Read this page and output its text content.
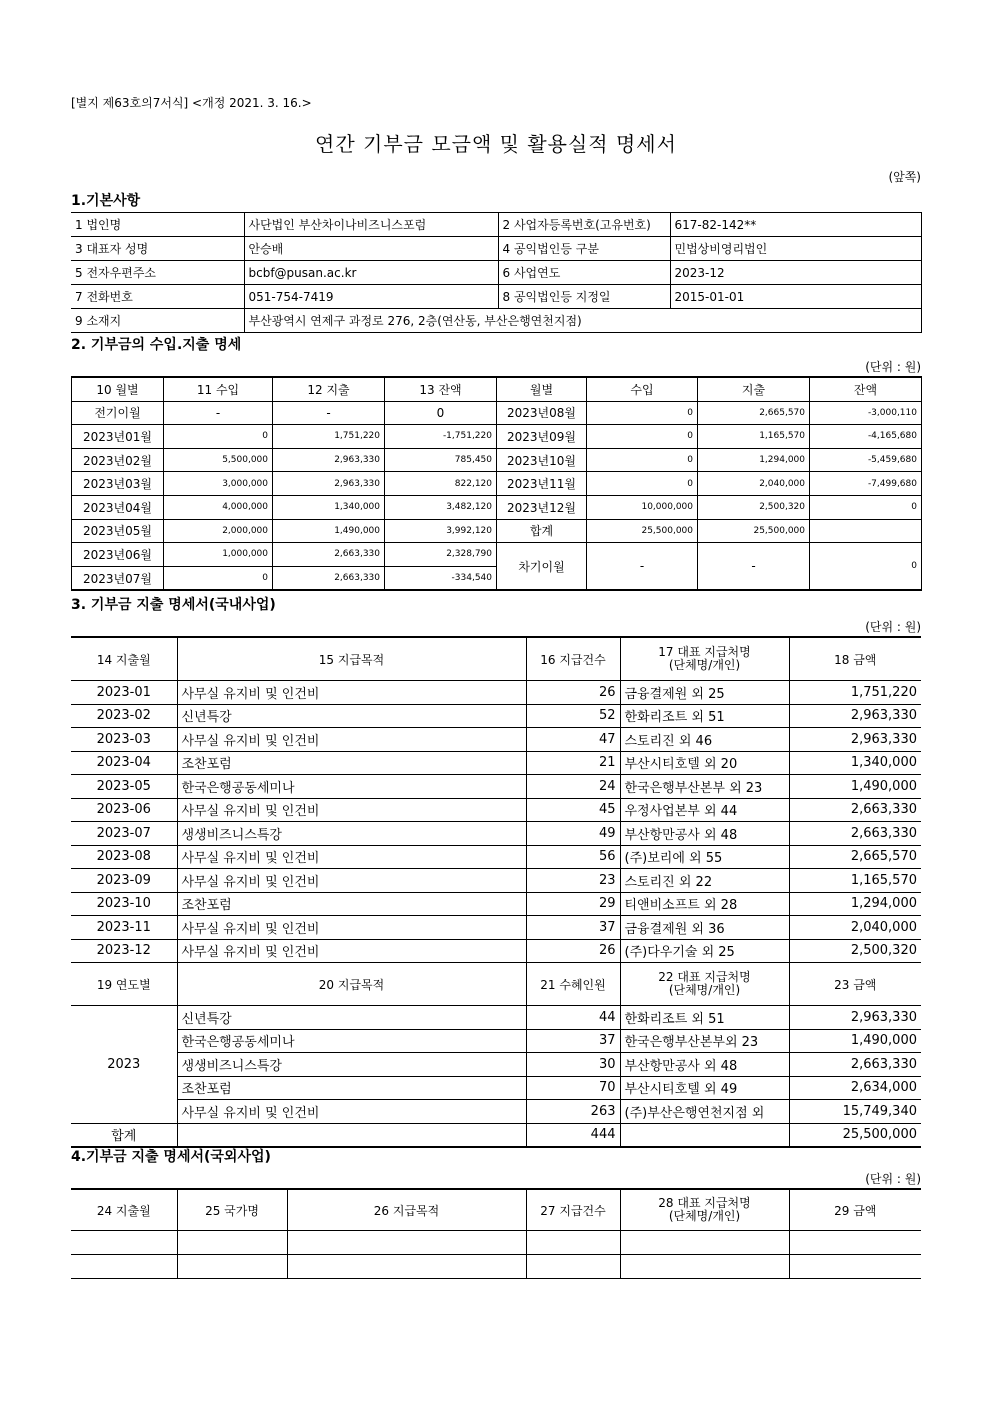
[별지 제63호의7서식] <개정 2021. 3. 16.>
연간 기부금 모금액 및 활용실적 명세서
(앞쪽)
1.기본사항
1 법인명	사단법인 부산차이나비즈니스포럼	2 사업자등록번호(고유번호)	617-82-142**
3 대표자 성명	안승배	4 공익법인등 구분	민법상비영리법인
5 전자우편주소	bcbf@pusan.ac.kr	6 사업연도	2023-12
7 전화번호	051-754-7419	8 공익법인등 지정일	2015-01-01
9 소재지	부산광역시 연제구 과정로 276, 2층(연산동, 부산은행연천지점)		
2. 기부금의 수입.지출 명세
(단위 : 원)
10 월별	11 수입	12 지출	13 잔액	월별	수입	지출	잔액
전기이월	-	-	0	2023년08월	0	2,665,570	-3,000,110
2023년01월	0	1,751,220	-1,751,220	2023년09월	0	1,165,570	-4,165,680
2023년02월	5,500,000	2,963,330	785,450	2023년10월	0	1,294,000	-5,459,680
2023년03월	3,000,000	2,963,330	822,120	2023년11월	0	2,040,000	-7,499,680
2023년04월	4,000,000	1,340,000	3,482,120	2023년12월	10,000,000	2,500,320	0
2023년05월	2,000,000	1,490,000	3,992,120	합계	25,500,000	25,500,000	
2023년06월	1,000,000	2,663,330	2,328,790	차기이월	-	-	0
2023년07월	0	2,663,330	-334,540				
3. 기부금 지출 명세서(국내사업)
(단위 : 원)
14 지출월	15 지급목적	16 지급건수	17 대표 지급처명
(단체명/개인)	18 금액
2023-01	사무실 유지비 및 인건비	26	금융결제원 외 25	1,751,220
2023-02	신년특강	52	한화리조트 외 51	2,963,330
2023-03	사무실 유지비 및 인건비	47	스토리진 외 46	2,963,330
2023-04	조찬포럼	21	부산시티호텔 외 20	1,340,000
2023-05	한국은행공동세미나	24	한국은행부산본부 외 23	1,490,000
2023-06	사무실 유지비 및 인건비	45	우정사업본부 외 44	2,663,330
2023-07	생생비즈니스특강	49	부산항만공사 외 48	2,663,330
2023-08	사무실 유지비 및 인건비	56	(주)보리에 외 55	2,665,570
2023-09	사무실 유지비 및 인건비	23	스토리진 외 22	1,165,570
2023-10	조찬포럼	29	티앤비소프트 외 28	1,294,000
2023-11	사무실 유지비 및 인건비	37	금융결제원 외 36	2,040,000
2023-12	사무실 유지비 및 인건비	26	(주)다우기술 외 25	2,500,320
19 연도별	20 지급목적	21 수혜인원	22 대표 지급처명
(단체명/개인)	23 금액
2023	신년특강	44	한화리조트 외 51	2,963,330
	한국은행공동세미나	37	한국은행부산본부외 23	1,490,000
	생생비즈니스특강	30	부산항만공사 외 48	2,663,330
	조찬포럼	70	부산시티호텔 외 49	2,634,000
	사무실 유지비 및 인건비	263	(주)부산은행연천지점 외	15,749,340
합계		444		25,500,000
4.기부금 지출 명세서(국외사업)
(단위 : 원)
24 지출월	25 국가명	26 지급목적	27 지급건수	28 대표 지급처명
(단체명/개인)	29 금액
